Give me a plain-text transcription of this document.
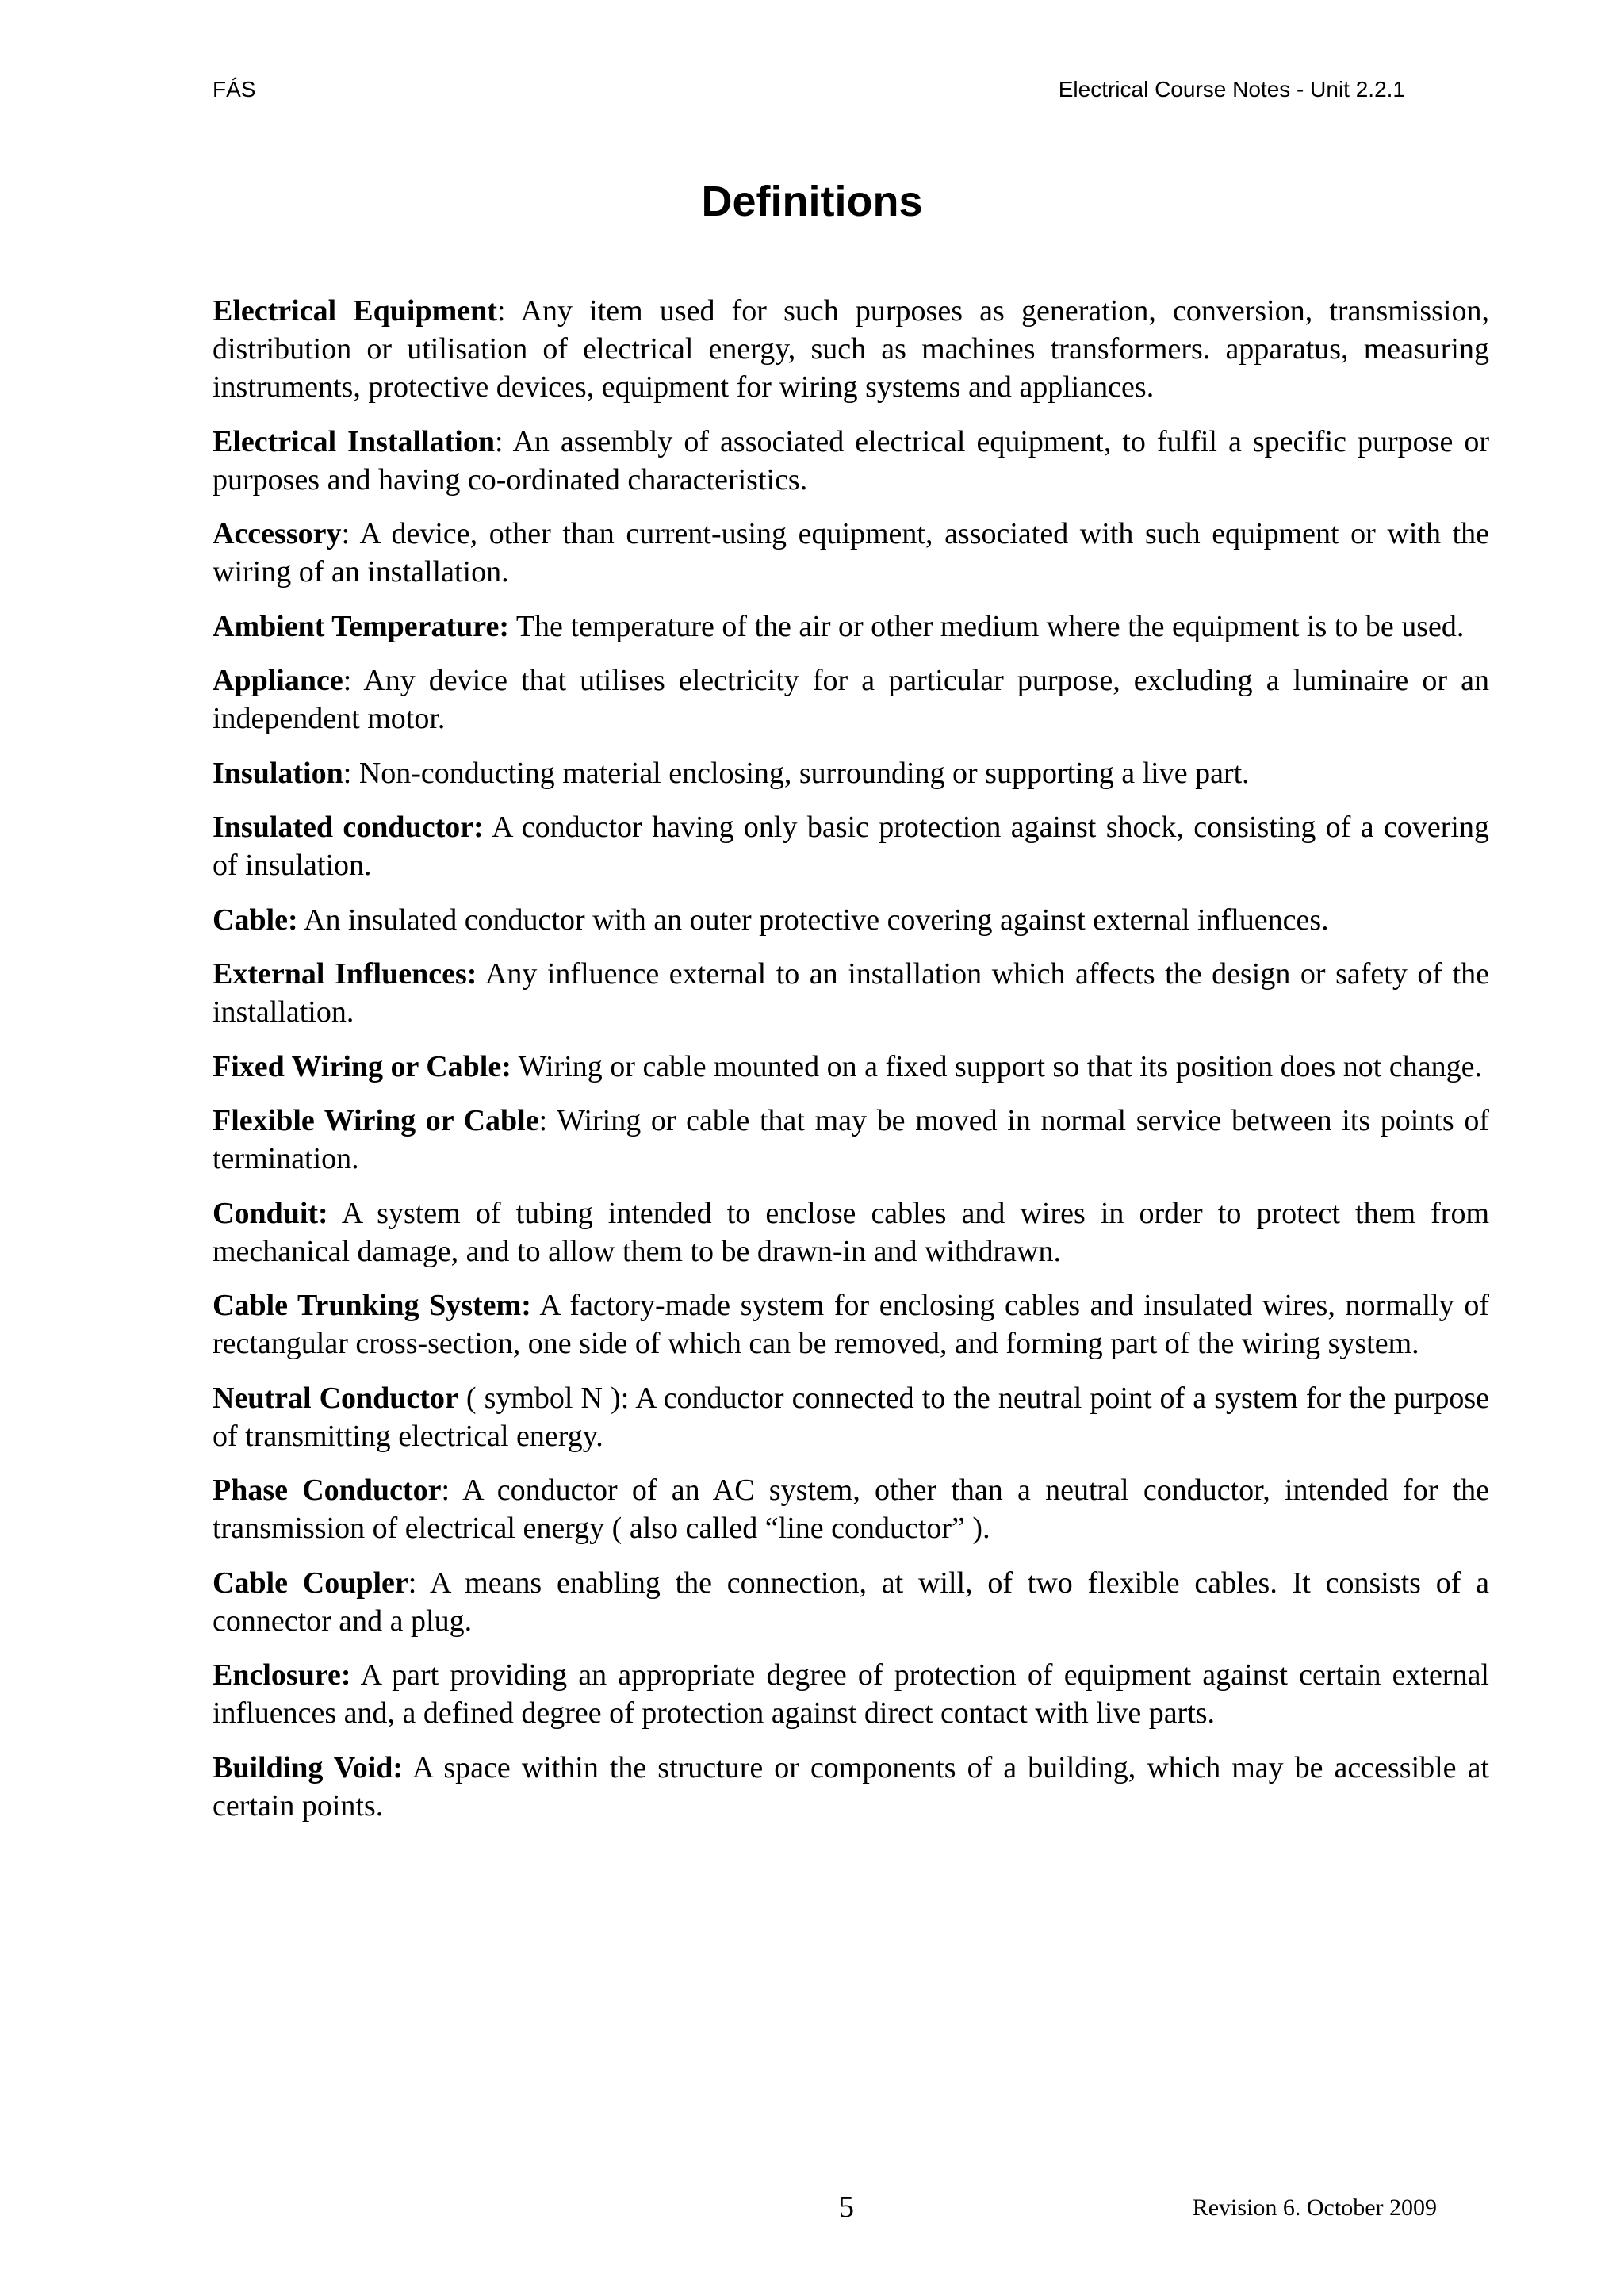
FÁS	Electrical Course Notes - Unit 2.2.1
Definitions

Electrical Equipment: Any item used for such purposes as generation, conversion, transmission, distribution or utilisation of electrical energy, such as machines transformers. apparatus, measuring instruments, protective devices, equipment for wiring systems and appliances.

Electrical Installation: An assembly of associated electrical equipment, to fulfil a specific purpose or purposes and having co-ordinated characteristics.

Accessory: A device, other than current-using equipment, associated with such equipment or with the wiring of an installation.

Ambient Temperature: The temperature of the air or other medium where the equipment is to be used.

Appliance: Any device that utilises electricity for a particular purpose, excluding a luminaire or an independent motor.

Insulation: Non-conducting material enclosing, surrounding or supporting a live part.

Insulated conductor: A conductor having only basic protection against shock, consisting of a covering of insulation.

Cable: An insulated conductor with an outer protective covering against external influences.

External Influences: Any influence external to an installation which affects the design or safety of the installation.

Fixed Wiring or Cable: Wiring or cable mounted on a fixed support so that its position does not change.

Flexible Wiring or Cable: Wiring or cable that may be moved in normal service between its points of termination.

Conduit: A system of tubing intended to enclose cables and wires in order to protect them from mechanical damage, and to allow them to be drawn-in and withdrawn.

Cable Trunking System: A factory-made system for enclosing cables and insulated wires, normally of rectangular cross-section, one side of which can be removed, and forming part of the wiring system.

Neutral Conductor ( symbol N ): A conductor connected to the neutral point of a system for the purpose of transmitting electrical energy.

Phase Conductor: A conductor of an AC system, other than a neutral conductor, intended for the transmission of electrical energy ( also called “line conductor” ).

Cable Coupler: A means enabling the connection, at will, of two flexible cables. It consists of a connector and a plug.

Enclosure: A part providing an appropriate degree of protection of equipment against certain external influences and, a defined degree of protection against direct contact with live parts.

Building Void: A space within the structure or components of a building, which may be accessible at certain points.

5	Revision 6. October 2009
